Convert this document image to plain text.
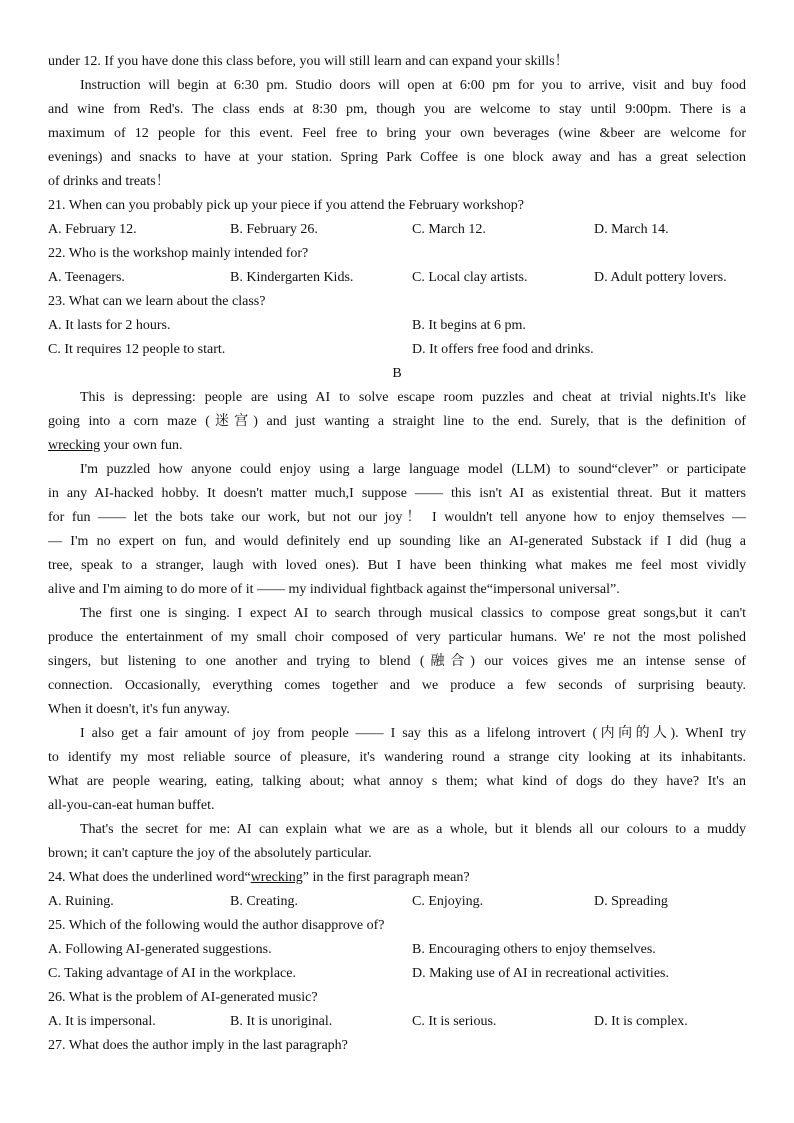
under 12. If you have done this class before, you will still learn and can expand your skills！
Instruction will begin at 6:30 pm. Studio doors will open at 6:00 pm for you to arrive, visit and buy food
and wine from Red's. The class ends at 8:30 pm, though you are welcome to stay until 9:00pm. There is a
maximum of 12 people for this event. Feel free to bring your own beverages (wine &beer are welcome for
evenings) and snacks to have at your station. Spring Park Coffee is one block away and has a great selection
of drinks and treats！
21. When can you probably pick up your piece if you attend the February workshop?
A. February 12.	B. February 26.	C. March 12.	D. March 14.
22. Who is the workshop mainly intended for?
A. Teenagers.	B. Kindergarten Kids.	C. Local clay artists.	D. Adult pottery lovers.
23. What can we learn about the class?
A. It lasts for 2 hours.	B. It begins at 6 pm.
C. It requires 12 people to start.	D. It offers free food and drinks.
B
This is depressing: people are using AI to solve escape room puzzles and cheat at trivial nights.It's like
going into a corn maze (迷宫) and just wanting a straight line to the end. Surely, that is the definition of
wrecking your own fun.
I'm puzzled how anyone could enjoy using a large language model (LLM) to sound“clever” or participate
in any AI-hacked hobby. It doesn't matter much,I suppose —— this isn't AI as existential threat. But it matters
for fun —— let the bots take our work, but not our joy！ I wouldn't tell anyone how to enjoy themselves —
— I'm no expert on fun, and would definitely end up sounding like an AI-generated Substack if I did (hug a
tree, speak to a stranger, laugh with loved ones). But I have been thinking what makes me feel most vividly
alive and I'm aiming to do more of it —— my individual fightback against the“impersonal universal”.
The first one is singing. I expect AI to search through musical classics to compose great songs,but it can't
produce the entertainment of my small choir composed of very particular humans. We' re not the most polished
singers, but listening to one another and trying to blend (融合) our voices gives me an intense sense of
connection. Occasionally, everything comes together and we produce a few seconds of surprising beauty.
When it doesn't, it's fun anyway.
I also get a fair amount of joy from people —— I say this as a lifelong introvert (内向的人). WhenI try
to identify my most reliable source of pleasure, it's wandering round a strange city looking at its inhabitants.
What are people wearing, eating, talking about; what annoy s them; what kind of dogs do they have? It's an
all-you-can-eat human buffet.
That's the secret for me: AI can explain what we are as a whole, but it blends all our colours to a muddy
brown; it can't capture the joy of the absolutely particular.
24. What does the underlined word“wrecking” in the first paragraph mean?
A. Ruining.	B. Creating.	C. Enjoying.	D. Spreading
25. Which of the following would the author disapprove of?
A. Following AI-generated suggestions.	B. Encouraging others to enjoy themselves.
C. Taking advantage of AI in the workplace.	D. Making use of AI in recreational activities.
26. What is the problem of AI-generated music?
A. It is impersonal.	B. It is unoriginal.	C. It is serious.	D. It is complex.
27. What does the author imply in the last paragraph?
